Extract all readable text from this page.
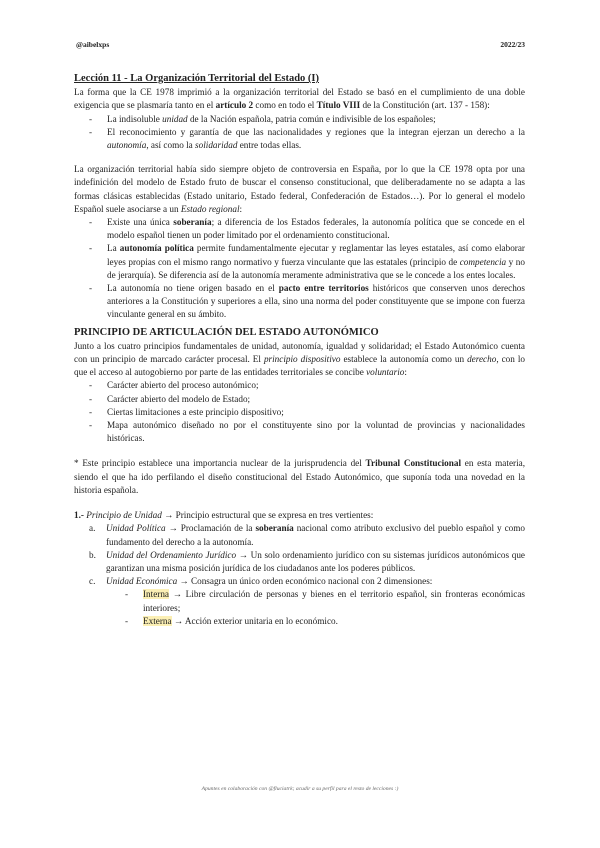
@aibelxps	2022/23
Lección 11 - La Organización Territorial del Estado (I)

La forma que la CE 1978 imprimió a la organización territorial del Estado se basó en el cumplimiento de una doble exigencia que se plasmaría tanto en el artículo 2 como en todo el Título VIII de la Constitución (art. 137 - 158):

- La indisoluble unidad de la Nación española, patria común e indivisible de los españoles;
- El reconocimiento y garantía de que las nacionalidades y regiones que la integran ejerzan un derecho a la autonomía, así como la solidaridad entre todas ellas.

La organización territorial había sido siempre objeto de controversia en España, por lo que la CE 1978 opta por una indefinición del modelo de Estado fruto de buscar el consenso constitucional, que deliberadamente no se adapta a las formas clásicas establecidas (Estado unitario, Estado federal, Confederación de Estados…). Por lo general el modelo Español suele asociarse a un Estado regional:

- Existe una única soberanía; a diferencia de los Estados federales, la autonomía política que se concede en el modelo español tienen un poder limitado por el ordenamiento constitucional.
- La autonomía política permite fundamentalmente ejecutar y reglamentar las leyes estatales, así como elaborar leyes propias con el mismo rango normativo y fuerza vinculante que las estatales (principio de competencia y no de jerarquía). Se diferencia así de la autonomía meramente administrativa que se le concede a los entes locales.
- La autonomía no tiene origen basado en el pacto entre territorios históricos que conserven unos derechos anteriores a la Constitución y superiores a ella, sino una norma del poder constituyente que se impone con fuerza vinculante general en su ámbito.
PRINCIPIO DE ARTICULACIÓN DEL ESTADO AUTONÓMICO

Junto a los cuatro principios fundamentales de unidad, autonomía, igualdad y solidaridad; el Estado Autonómico cuenta con un principio de marcado carácter procesal. El principio dispositivo establece la autonomía como un derecho, con lo que el acceso al autogobierno por parte de las entidades territoriales se concibe voluntario:

- Carácter abierto del proceso autonómico;
- Carácter abierto del modelo de Estado;
- Ciertas limitaciones a este principio dispositivo;
- Mapa autonómico diseñado no por el constituyente sino por la voluntad de provincias y nacionalidades históricas.

* Este principio establece una importancia nuclear de la jurisprudencia del Tribunal Constitucional en esta materia, siendo el que ha ido perfilando el diseño constitucional del Estado Autonómico, que suponía toda una novedad en la historia española.

1.- Principio de Unidad → Principio estructural que se expresa en tres vertientes:

a. Unidad Política → Proclamación de la soberanía nacional como atributo exclusivo del pueblo español y como fundamento del derecho a la autonomía.
b. Unidad del Ordenamiento Jurídico → Un solo ordenamiento jurídico con su sistemas jurídicos autonómicos que garantizan una misma posición jurídica de los ciudadanos ante los poderes públicos.
c. Unidad Económica → Consagra un único orden económico nacional con 2 dimensiones:
- Interna → Libre circulación de personas y bienes en el territorio español, sin fronteras económicas interiores;
- Externa → Acción exterior unitaria en lo económico.
Apuntes en colaboración con @fluciatrk; acudir a su perfil para el resto de lecciones :)
